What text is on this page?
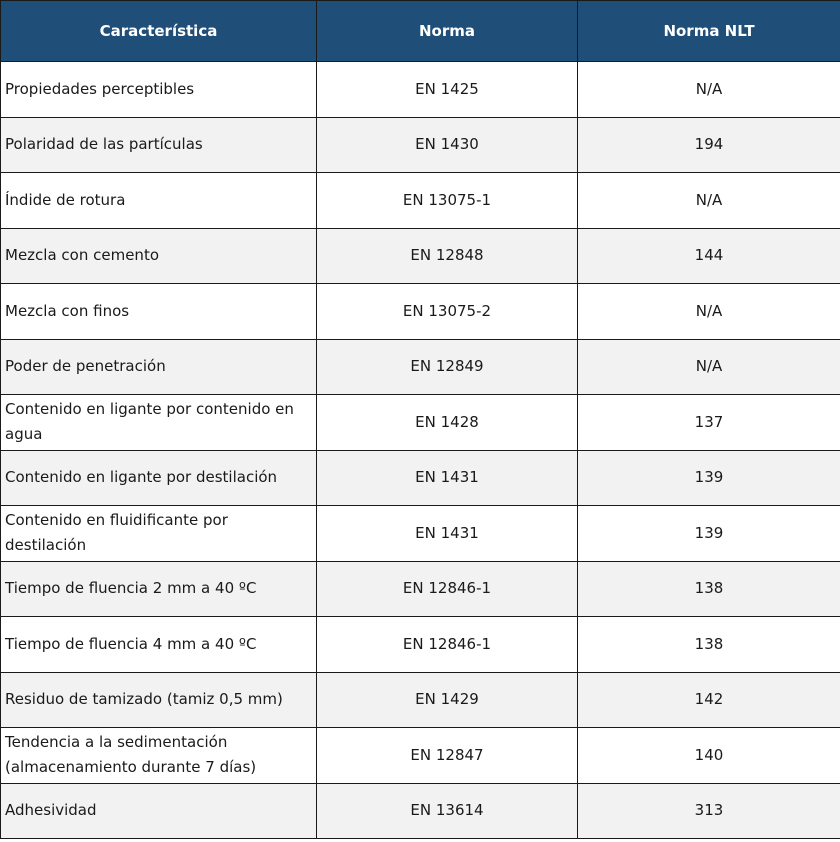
Característica	Norma	Norma NLT
Propiedades perceptibles	EN 1425	N/A
Polaridad de las partículas	EN 1430	194
Índide de rotura	EN 13075-1	N/A
Mezcla con cemento	EN 12848	144
Mezcla con finos	EN 13075-2	N/A
Poder de penetración	EN 12849	N/A
Contenido en ligante por contenido en agua	EN 1428	137
Contenido en ligante por destilación	EN 1431	139
Contenido en fluidificante por destilación	EN 1431	139
Tiempo de fluencia 2 mm a 40 ºC	EN 12846-1	138
Tiempo de fluencia 4 mm a 40 ºC	EN 12846-1	138
Residuo de tamizado (tamiz 0,5 mm)	EN 1429	142
Tendencia a la sedimentación (almacenamiento durante 7 días)	EN 12847	140
Adhesividad	EN 13614	313
